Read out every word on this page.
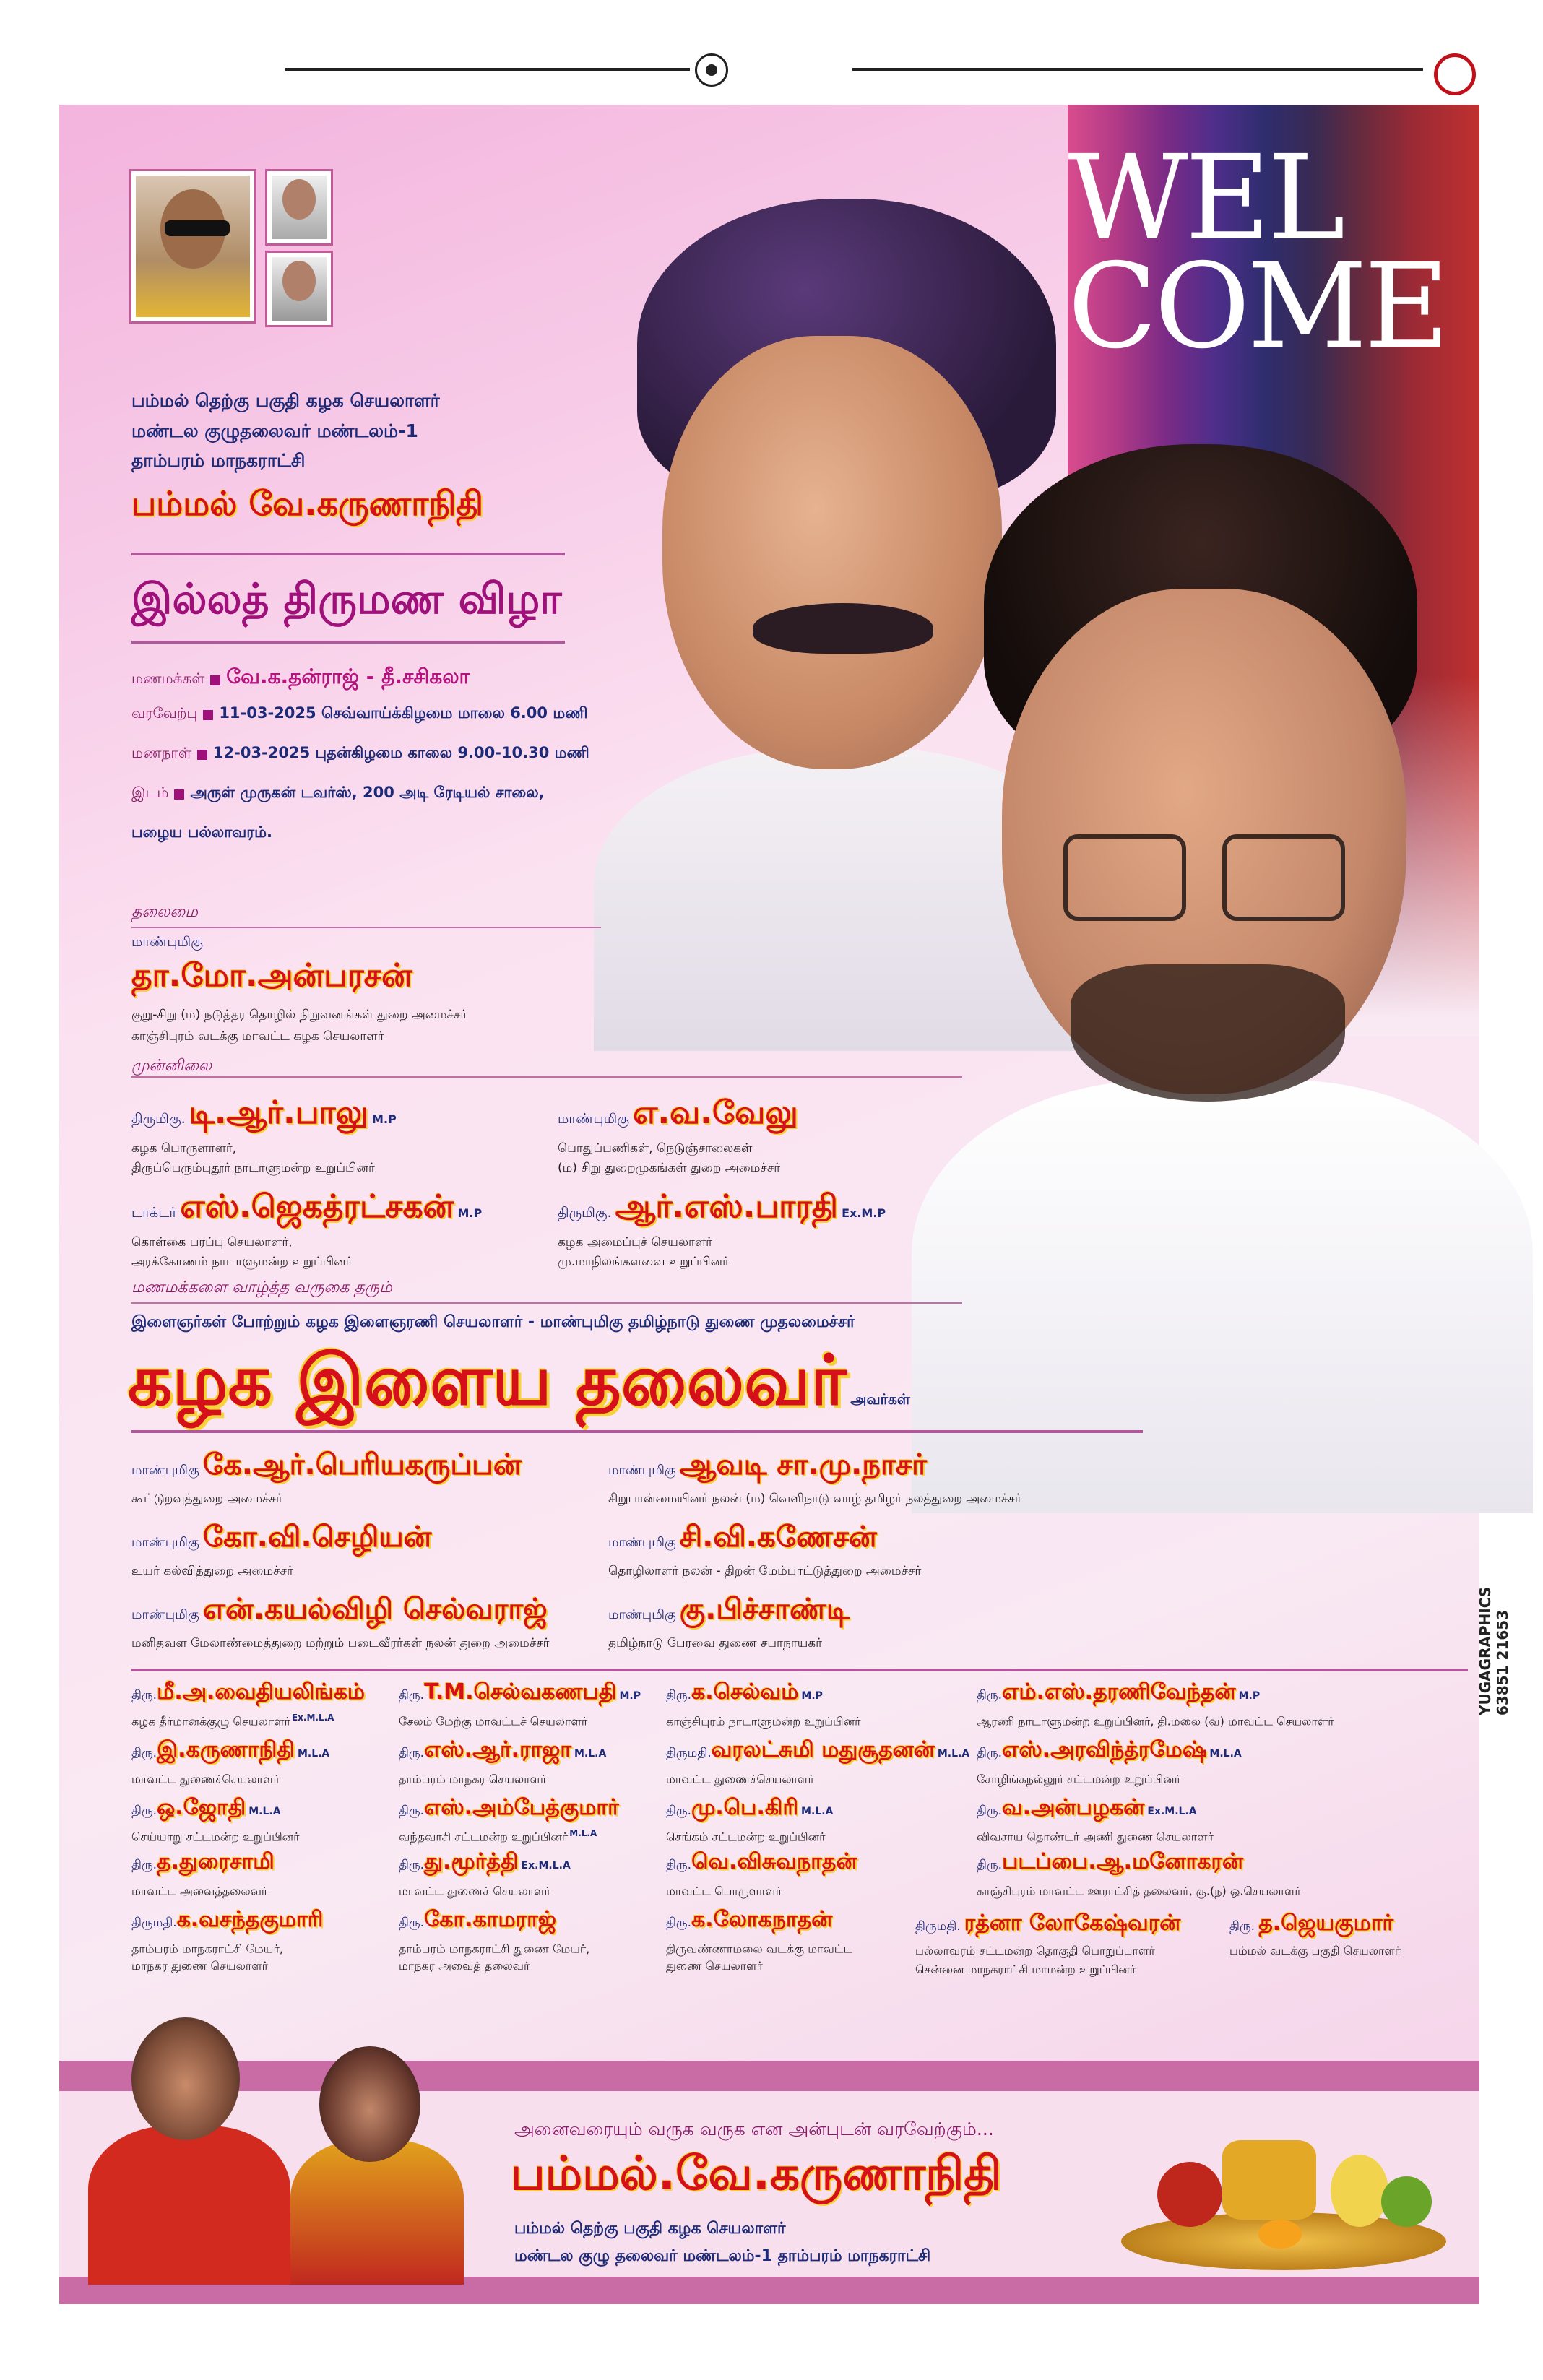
WEL
COME
பம்மல் தெற்கு பகுதி கழக செயலாளர்
மண்டல குழுதலைவர் மண்டலம்-1
தாம்பரம் மாநகராட்சி
பம்மல் வே.கருணாநிதி
இல்லத் திருமண விழா
மணமக்கள் வே.க.தன்ராஜ் - தீ.சசிகலா
வரவேற்பு 11-03-2025 செவ்வாய்க்கிழமை மாலை 6.00 மணி
மணநாள் 12-03-2025 புதன்கிழமை காலை 9.00-10.30 மணி
இடம் அருள் முருகன் டவர்ஸ், 200 அடி ரேடியல் சாலை,
பழைய பல்லாவரம்.
தலைமை
மாண்புமிகு
தா.மோ.அன்பரசன்
குறு-சிறு (ம) நடுத்தர தொழில் நிறுவனங்கள் துறை அமைச்சர்
காஞ்சிபுரம் வடக்கு மாவட்ட கழக செயலாளர்
முன்னிலை
திருமிகு. டி.ஆர்.பாலு M.P
கழக பொருளாளர்,
திருப்பெரும்புதூர் நாடாளுமன்ற உறுப்பினர்
மாண்புமிகு எ.வ.வேலு
பொதுப்பணிகள், நெடுஞ்சாலைகள்
(ம) சிறு துறைமுகங்கள் துறை அமைச்சர்
டாக்டர் எஸ்.ஜெகத்ரட்சகன் M.P
கொள்கை பரப்பு செயலாளர்,
அரக்கோணம் நாடாளுமன்ற உறுப்பினர்
திருமிகு. ஆர்.எஸ்.பாரதி Ex.M.P
கழக அமைப்புச் செயலாளர்
மு.மாநிலங்களவை உறுப்பினர்
மணமக்களை வாழ்த்த வருகை தரும்
இளைஞர்கள் போற்றும் கழக இளைஞரணி செயலாளர் - மாண்புமிகு தமிழ்நாடு துணை முதலமைச்சர்
கழக இளைய தலைவர் அவர்கள்
மாண்புமிகு கே.ஆர்.பெரியகருப்பன்
கூட்டுறவுத்துறை அமைச்சர்
மாண்புமிகு ஆவடி சா.மு.நாசர்
சிறுபான்மையினர் நலன் (ம) வெளிநாடு வாழ் தமிழர் நலத்துறை அமைச்சர்
மாண்புமிகு கோ.வி.செழியன்
உயர் கல்வித்துறை அமைச்சர்
மாண்புமிகு சி.வி.கணேசன்
தொழிலாளர் நலன் - திறன் மேம்பாட்டுத்துறை அமைச்சர்
மாண்புமிகு என்.கயல்விழி செல்வராஜ்
மனிதவள மேலாண்மைத்துறை மற்றும் படைவீரர்கள் நலன் துறை அமைச்சர்
மாண்புமிகு கு.பிச்சாண்டி
தமிழ்நாடு பேரவை துணை சபாநாயகர்
திரு.மீ.அ.வைதியலிங்கம்
கழக தீர்மானக்குழு செயலாளர் $^{Ex.M.L.A}$
திரு.இ.கருணாநிதி M.L.A
மாவட்ட துணைச்செயலாளர்
திரு.ஒ.ஜோதி M.L.A
செய்யாறு சட்டமன்ற உறுப்பினர்
திரு.த.துரைசாமி
மாவட்ட அவைத்தலைவர்
திருமதி.க.வசந்தகுமாரி
தாம்பரம் மாநகராட்சி மேயர்,
மாநகர துணை செயலாளர்
திரு.T.M.செல்வகணபதி M.P
சேலம் மேற்கு மாவட்டச் செயலாளர்
திரு.எஸ்.ஆர்.ராஜா M.L.A
தாம்பரம் மாநகர செயலாளர்
திரு.எஸ்.அம்பேத்குமார்
வந்தவாசி சட்டமன்ற உறுப்பினர் $^{M.L.A}$
திரு.து.மூர்த்தி Ex.M.L.A
மாவட்ட துணைச் செயலாளர்
திரு.கோ.காமராஜ்
தாம்பரம் மாநகராட்சி துணை மேயர்,
மாநகர அவைத் தலைவர்
திரு.க.செல்வம் M.P
காஞ்சிபுரம் நாடாளுமன்ற உறுப்பினர்
திருமதி.வரலட்சுமி மதுசூதனன் M.L.A
மாவட்ட துணைச்செயலாளர்
திரு.மு.பெ.கிரி M.L.A
செங்கம் சட்டமன்ற உறுப்பினர்
திரு.வெ.விசுவநாதன்
மாவட்ட பொருளாளர்
திரு.க.லோகநாதன்
திருவண்ணாமலை வடக்கு மாவட்ட
துணை செயலாளர்
திரு.எம்.எஸ்.தரணிவேந்தன் M.P
ஆரணி நாடாளுமன்ற உறுப்பினர், தி.மலை (வ) மாவட்ட செயலாளர்
திரு.எஸ்.அரவிந்த்ரமேஷ் M.L.A
சோழிங்கநல்லூர் சட்டமன்ற உறுப்பினர்
திரு.வ.அன்பழகன் Ex.M.L.A
விவசாய தொண்டர் அணி துணை செயலாளர்
திரு.படப்பை.ஆ.மனோகரன்
காஞ்சிபுரம் மாவட்ட ஊராட்சித் தலைவர், கு.(ந) ஒ.செயலாளர்
திருமதி. ரத்னா லோகேஷ்வரன்
பல்லாவரம் சட்டமன்ற தொகுதி பொறுப்பாளர்
சென்னை மாநகராட்சி மாமன்ற உறுப்பினர்
திரு. த.ஜெயகுமார்
பம்மல் வடக்கு பகுதி செயலாளர்
YUGAGRAPHICS 63851 21653
அனைவரையும் வருக வருக என அன்புடன் வரவேற்கும்...
பம்மல்.வே.கருணாநிதி
பம்மல் தெற்கு பகுதி கழக செயலாளர்
மண்டல குழு தலைவர் மண்டலம்-1 தாம்பரம் மாநகராட்சி
